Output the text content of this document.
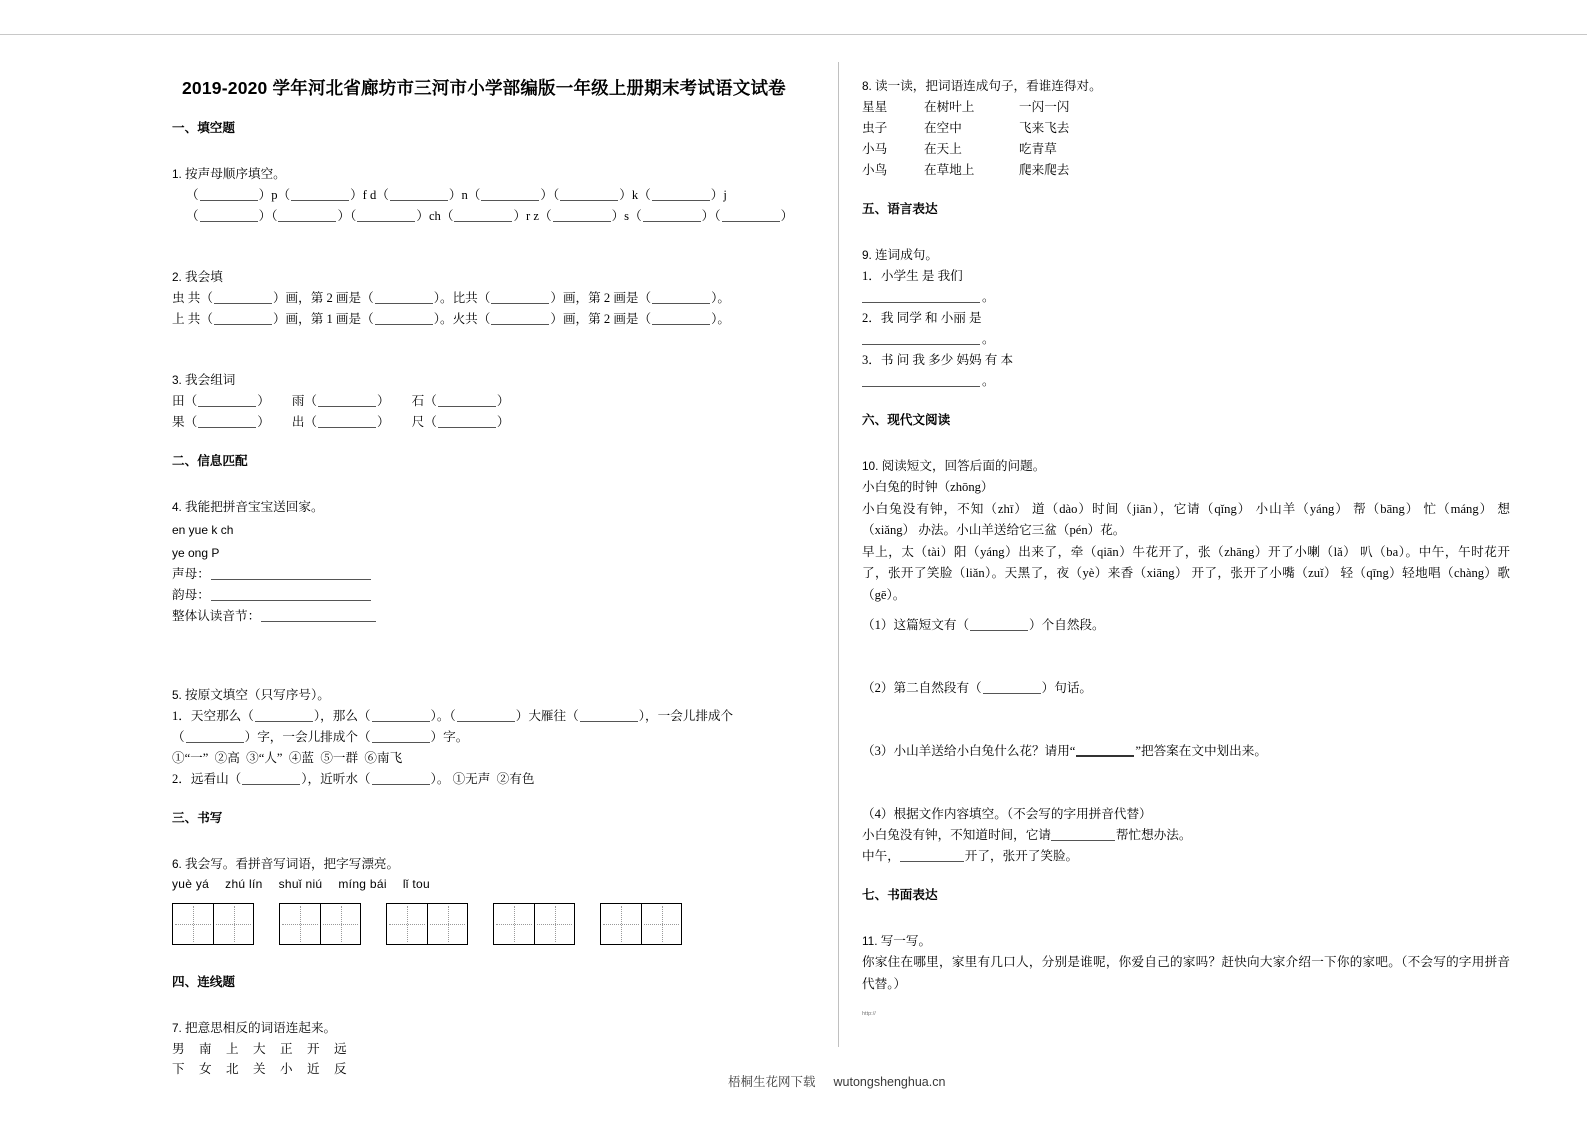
2019-2020 学年河北省廊坊市三河市小学部编版一年级上册期末考试语文试卷
一、填空题
1. 按声母顺序填空。
（	）p（	）f d（	）n（	）（	）k（	）j
（	）（	）（	）ch（	）r z（	）s（	）（	）
2. 我会填
虫 共（	）画，第 2 画是（	）。比共（	）画，第 2 画是（	）。
上 共（	）画，第 1 画是（	）。火共（	）画，第 2 画是（	）。
3. 我会组词
田（	） 雨（	） 石（	）
果（	） 出（	） 尺（	）
二、信息匹配
4. 我能把拼音宝宝送回家。
en yue k ch
ye ong P
声母：
韵母：
整体认读音节：
5. 按原文填空（只写序号）。
1．天空那么（	），那么（	）。（	）大雁往（	），一会儿排成个
（	）字，一会儿排成个（	）字。
①“一” ②高 ③“人” ④蓝 ⑤一群 ⑥南飞
2．远看山（	），近听水（	）。 ①无声 ②有色
三、书写
6. 我会写。看拼音写词语，把字写漂亮。
yuè yá zhú lín shuǐ niú míng bái lǐ tou
四、连线题
7. 把意思相反的词语连起来。
男 南 上 大 正 开 远
下 女 北 关 小 近 反
8. 读一读，把词语连成句子，看谁连得对。
星星	在树叶上	一闪一闪
虫子	在空中	飞来飞去
小马	在天上	吃青草
小鸟	在草地上	爬来爬去
五、语言表达
9. 连词成句。
1．小学生 是 我们
。
2．我 同学 和 小丽 是
。
3．书 问 我 多少 妈妈 有 本
。
六、现代文阅读
10. 阅读短文，回答后面的问题。
小白兔的时钟（zhōng）
小白兔没有钟，不知（zhī） 道（dào）时间（jiān），它请（qǐng） 小山羊（yáng） 帮（bāng） 忙（máng） 想（xiǎng） 办法。小山羊送给它三盆（pén）花。
早上，太（tài）阳（yáng）出来了，牵（qiān）牛花开了，张（zhāng）开了小喇（lǎ） 叭（ba）。中午，午时花开了，张开了笑脸（liǎn）。天黑了，夜（yè）来香（xiāng） 开了，张开了小嘴（zuǐ） 轻（qīng）轻地唱（chàng）歌（gē）。
（1）这篇短文有（	）个自然段。
（2）第二自然段有（	）句话。
（3）小山羊送给小白兔什么花？请用“	”把答案在文中划出来。
（4）根据文作内容填空。（不会写的字用拼音代替）
小白兔没有钟，不知道时间，它请	帮忙想办法。
中午，	开了，张开了笑脸。
七、书面表达
11. 写一写。
你家住在哪里，家里有几口人，分别是谁呢，你爱自己的家吗？赶快向大家介绍一下你的家吧。（不会写的字用拼音代替。）
http://
梧桐生花网下载 wutongshenghua.cn
